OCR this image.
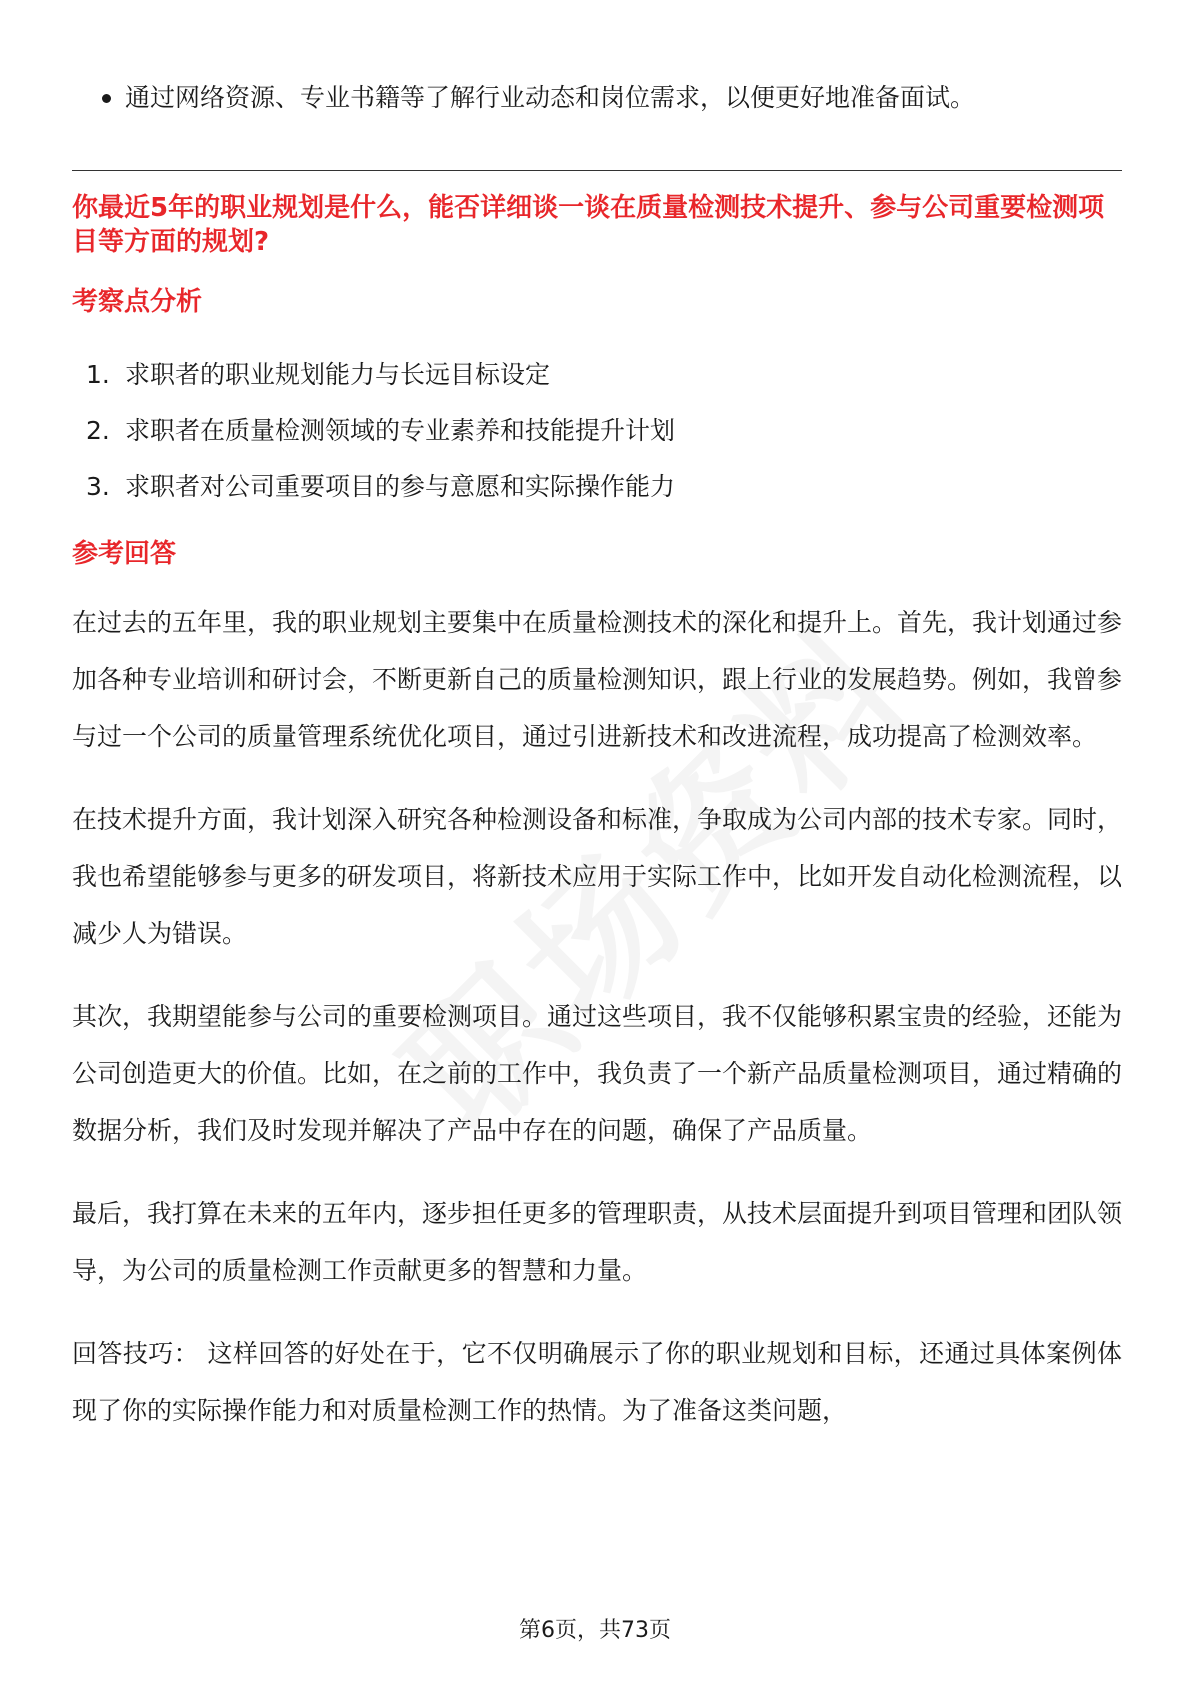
通过网络资源、专业书籍等了解行业动态和岗位需求，以便更好地准备面试。
你最近5年的职业规划是什么，能否详细谈一谈在质量检测技术提升、参与公司重要检测项目等方面的规划?
考察点分析
1. 求职者的职业规划能力与长远目标设定
2. 求职者在质量检测领域的专业素养和技能提升计划
3. 求职者对公司重要项目的参与意愿和实际操作能力
参考回答

在过去的五年里，我的职业规划主要集中在质量检测技术的深化和提升上。首先，我计划通过参加各种专业培训和研讨会，不断更新自己的质量检测知识，跟上行业的发展趋势。例如，我曾参与过一个公司的质量管理系统优化项目，通过引进新技术和改进流程，成功提高了检测效率。

在技术提升方面，我计划深入研究各种检测设备和标准，争取成为公司内部的技术专家。同时，我也希望能够参与更多的研发项目，将新技术应用于实际工作中，比如开发自动化检测流程，以减少人为错误。

其次，我期望能参与公司的重要检测项目。通过这些项目，我不仅能够积累宝贵的经验，还能为公司创造更大的价值。比如，在之前的工作中，我负责了一个新产品质量检测项目，通过精确的数据分析，我们及时发现并解决了产品中存在的问题，确保了产品质量。

最后，我打算在未来的五年内，逐步担任更多的管理职责，从技术层面提升到项目管理和团队领导，为公司的质量检测工作贡献更多的智慧和力量。

回答技巧： 这样回答的好处在于，它不仅明确展示了你的职业规划和目标，还通过具体案例体现了你的实际操作能力和对质量检测工作的热情。为了准备这类问题，

第6页，共73页
